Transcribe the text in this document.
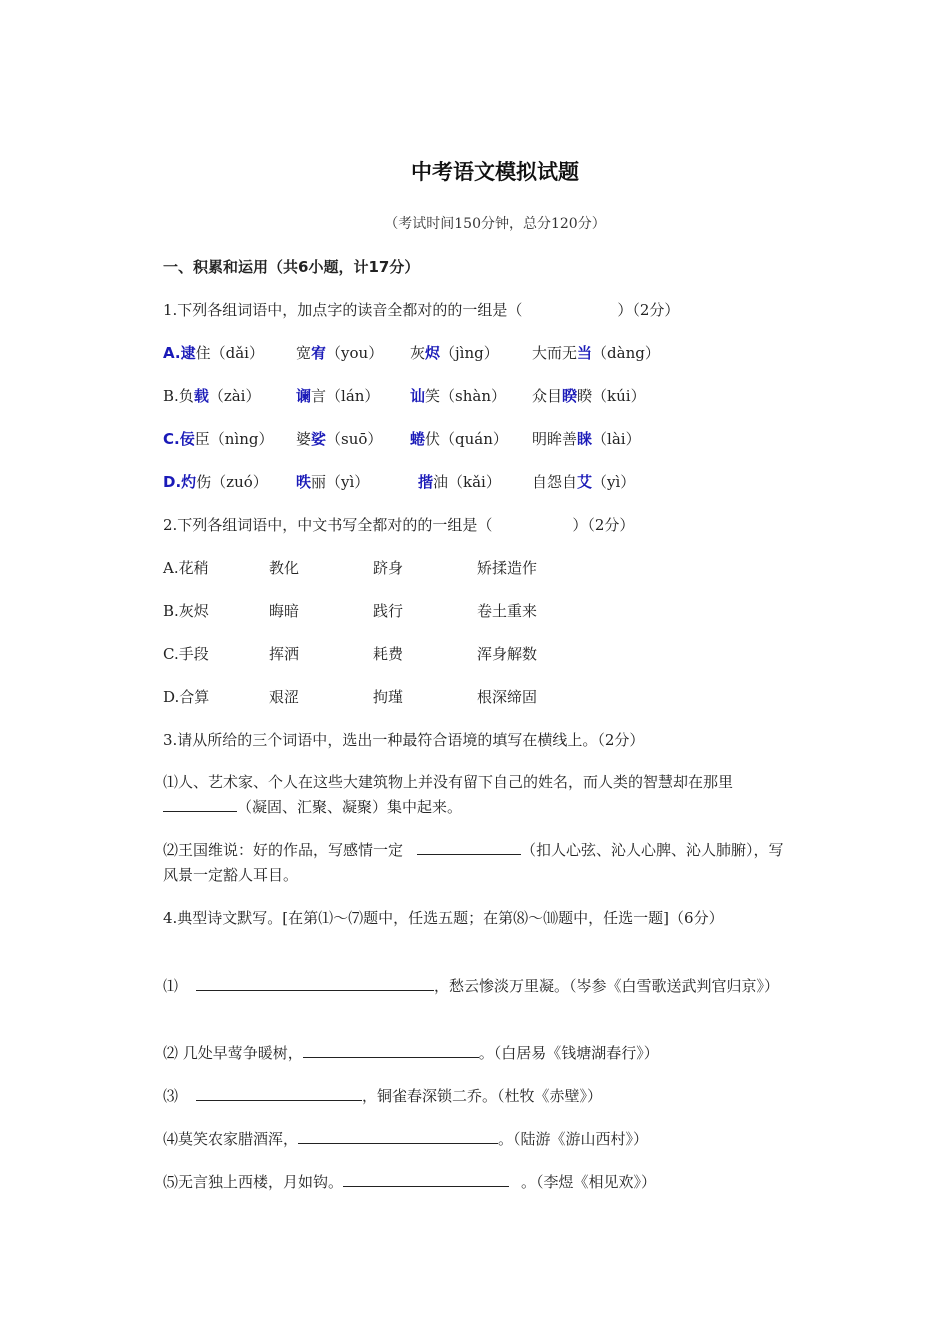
中考语文模拟试题
（考试时间150分钟，总分120分）
一、积累和运用（共6小题，计17分）
1.下列各组词语中，加点字的读音全都对的的一组是（	）（2分）
A.逮住（dǎi） 宽宥（you） 灰烬（jìng） 大而无当（dàng）
B.负载（zài） 谰言（lán） 讪笑（shàn） 众目睽睽（kúi）
C.佞臣（nìng） 婆娑（suō） 蜷伏（quán） 明眸善睐（lài）
D.灼伤（zuó） 昳丽（yì）	揩油（kǎi） 自怨自艾（yì）
2.下列各组词语中，中文书写全都对的的一组是（	）（2分）
A.花稍	教化	跻身	矫揉造作
B.灰烬	晦暗	践行	卷土重来
C.手段	挥洒	耗费	浑身解数
D.合算	艰涩	拘瑾	根深缔固
3.请从所给的三个词语中，选出一种最符合语境的填写在横线上。（2分）
⑴人、艺术家、个人在这些大建筑物上并没有留下自己的姓名，而人类的智慧却在那里（凝固、汇聚、凝聚）集中起来。
⑵王国维说：好的作品，写感情一定	（扣人心弦、沁人心脾、沁人肺腑），写风景一定豁人耳目。
4.典型诗文默写。[在第⑴～⑺题中，任选五题；在第⑻～⑽题中，任选一题]（6分）
⑴	，愁云惨淡万里凝。（岑参《白雪歌送武判官归京》）
⑵ 几处早莺争暖树，	。（白居易《钱塘湖春行》）
⑶	，铜雀春深锁二乔。（杜牧《赤壁》）
⑷莫笑农家腊酒浑，	。（陆游《游山西村》）
⑸无言独上西楼，月如钩。	。（李煜《相见欢》）
